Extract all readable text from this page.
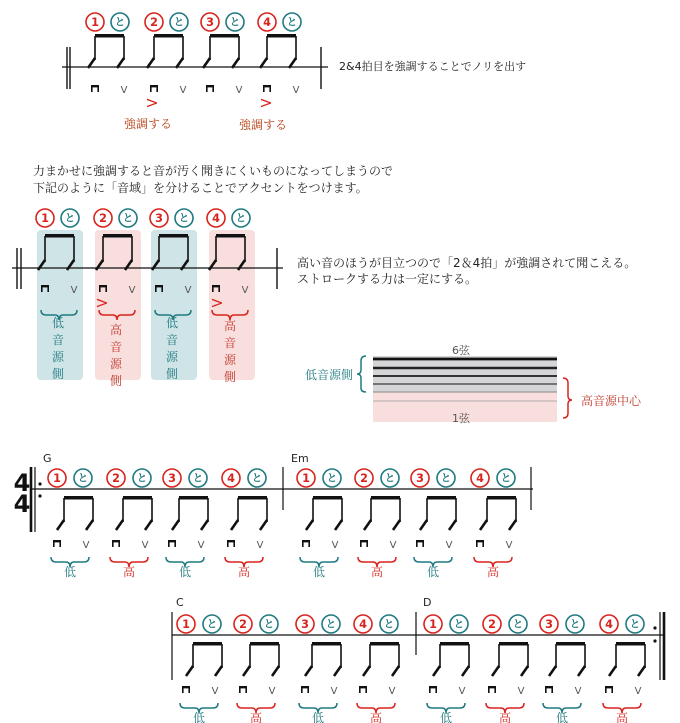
1 と
V
2 と
V
3 と
V
4 と
V
>	>
1 と
V
2 と
V
3 と
V
4 と
V
>	>
4
4
1 と
V
低
2 と
V
高
3 と
V
低
4 と
V
高
1 と
V
低
2 と
V
高
3 と
V
低
4 と
V
高
1 と
V
低
2 と
V
高
3 と
V
低
4 と
V
高
1 と
V
低
2 と
V
高
3 と
V
低
4 と
V
高
2&4拍目を強調することでノリを出す
強調する	強調する
力まかせに強調すると音が汚く聞きにくいものになってしまうので
下記のように「音域」を分けることでアクセントをつけます。
高い音のほうが目立つので「2＆4拍」が強調されて聞こえる。
ストロークする力は一定にする。
低音源側
高音源側
低音源側
高音源側
6弦
1弦
低音源側
高音源中心
G	Em
C	D
